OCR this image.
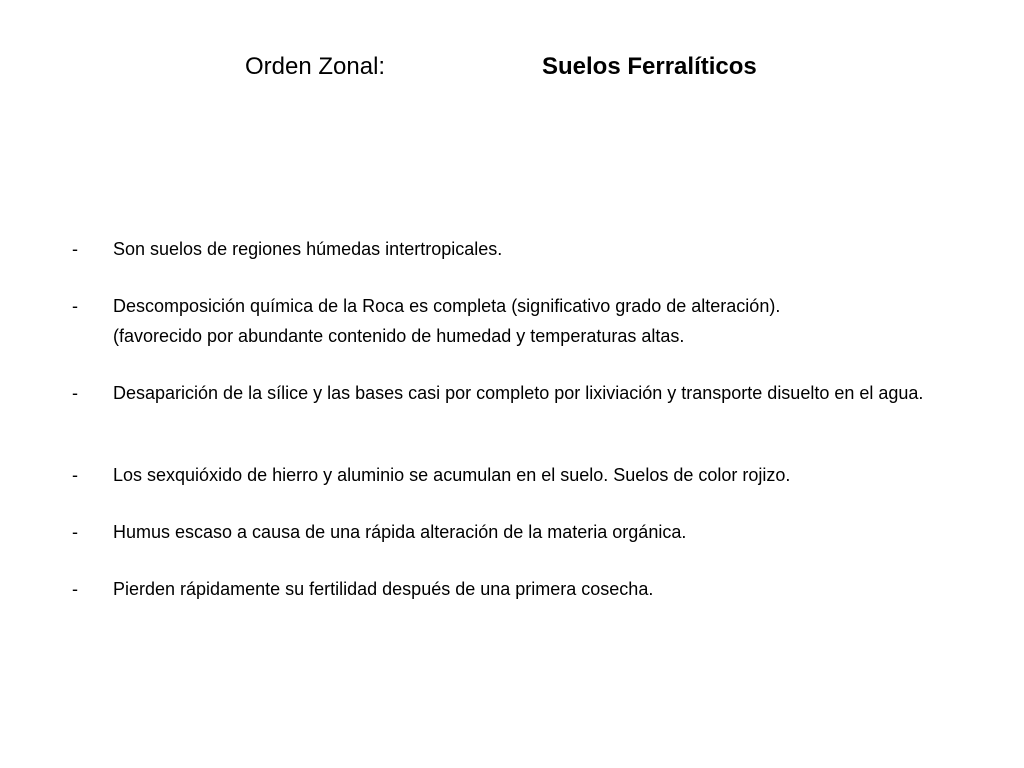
Orden Zonal:	Suelos Ferralíticos
- Son suelos de regiones húmedas intertropicales.
- Descomposición química de la Roca es completa (significativo grado de alteración).
(favorecido por abundante contenido de humedad y temperaturas altas.
- Desaparición de la sílice y las bases casi por completo por lixiviación y transporte disuelto en el agua.
- Los sexquióxido de hierro y aluminio se acumulan en el suelo. Suelos de color rojizo.
- Humus escaso a causa de una rápida alteración de la materia orgánica.
- Pierden rápidamente su fertilidad después de una primera cosecha.
